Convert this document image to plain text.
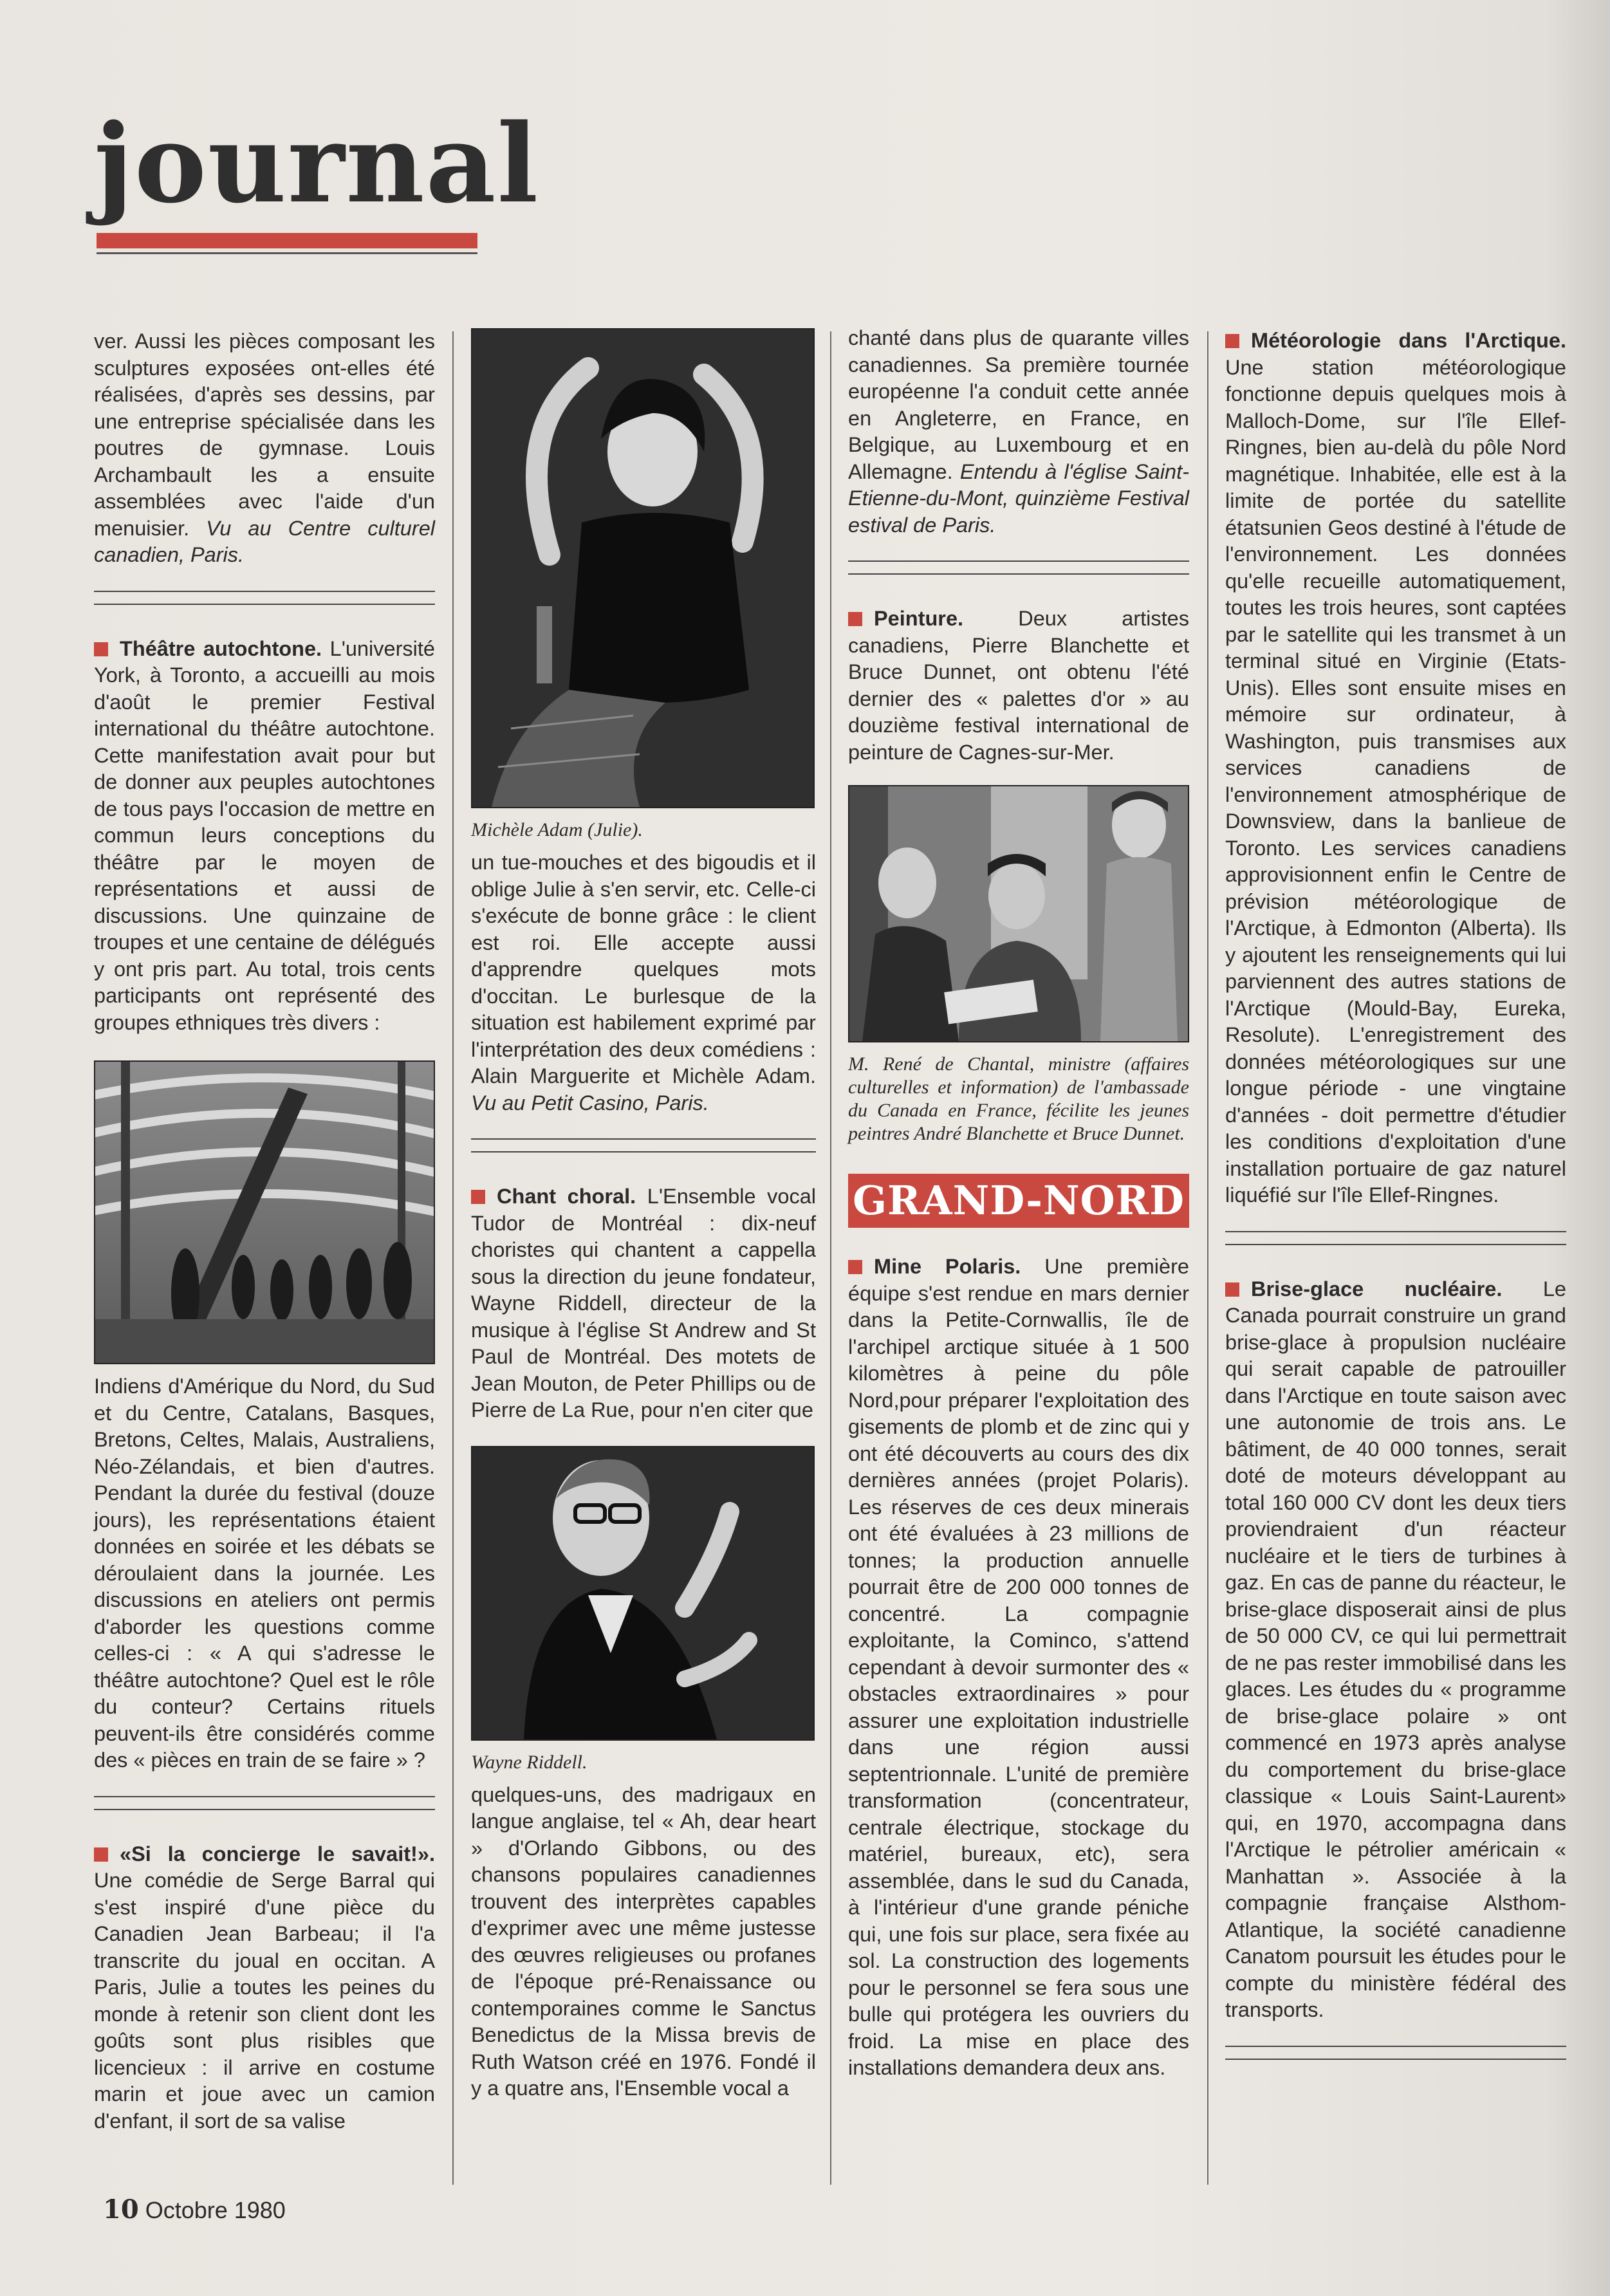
journal

ver. Aussi les pièces composant les sculptures exposées ont-elles été réalisées, d'après ses dessins, par une entreprise spécialisée dans les poutres de gymnase. Louis Archambault les a ensuite assemblées avec l'aide d'un menuisier. Vu au Centre culturel canadien, Paris.

Théâtre autochtone. L'université York, à Toronto, a accueilli au mois d'août le premier Festival international du théâtre autochtone. Cette manifestation avait pour but de donner aux peuples autochtones de tous pays l'occasion de mettre en commun leurs conceptions du théâtre par le moyen de représentations et aussi de discussions. Une quinzaine de troupes et une centaine de délégués y ont pris part. Au total, trois cents participants ont représenté des groupes ethniques très divers :

Indiens d'Amérique du Nord, du Sud et du Centre, Catalans, Basques, Bretons, Celtes, Malais, Australiens, Néo-Zélandais, et bien d'autres. Pendant la durée du festival (douze jours), les représentations étaient données en soirée et les débats se déroulaient dans la journée. Les discussions en ateliers ont permis d'aborder les questions comme celles-ci : « A qui s'adresse le théâtre autochtone? Quel est le rôle du conteur? Certains rituels peuvent-ils être considérés comme des « pièces en train de se faire » ?

«Si la concierge le savait!». Une comédie de Serge Barral qui s'est inspiré d'une pièce du Canadien Jean Barbeau; il l'a transcrite du joual en occitan. A Paris, Julie a toutes les peines du monde à retenir son client dont les goûts sont plus risibles que licencieux : il arrive en costume marin et joue avec un camion d'enfant, il sort de sa valise

Michèle Adam (Julie).

un tue-mouches et des bigoudis et il oblige Julie à s'en servir, etc. Celle-ci s'exécute de bonne grâce : le client est roi. Elle accepte aussi d'apprendre quelques mots d'occitan. Le burlesque de la situation est habilement exprimé par l'interprétation des deux comédiens : Alain Marguerite et Michèle Adam. Vu au Petit Casino, Paris.

Chant choral. L'Ensemble vocal Tudor de Montréal : dix-neuf choristes qui chantent a cappella sous la direction du jeune fondateur, Wayne Riddell, directeur de la musique à l'église St Andrew and St Paul de Montréal. Des motets de Jean Mouton, de Peter Phillips ou de Pierre de La Rue, pour n'en citer que

Wayne Riddell.

quelques-uns, des madrigaux en langue anglaise, tel « Ah, dear heart » d'Orlando Gibbons, ou des chansons populaires canadiennes trouvent des interprètes capables d'exprimer avec une même justesse des œuvres religieuses ou profanes de l'époque pré-Renaissance ou contemporaines comme le Sanctus Benedictus de la Missa brevis de Ruth Watson créé en 1976. Fondé il y a quatre ans, l'Ensemble vocal a

chanté dans plus de quarante villes canadiennes. Sa première tournée européenne l'a conduit cette année en Angleterre, en France, en Belgique, au Luxembourg et en Allemagne. Entendu à l'église Saint-Etienne-du-Mont, quinzième Festival estival de Paris.

Peinture. Deux artistes canadiens, Pierre Blanchette et Bruce Dunnet, ont obtenu l'été dernier des « palettes d'or » au douzième festival international de peinture de Cagnes-sur-Mer.

M. René de Chantal, ministre (affaires culturelles et information) de l'ambassade du Canada en France, fécilite les jeunes peintres André Blanchette et Bruce Dunnet.
GRAND-NORD

Mine Polaris. Une première équipe s'est rendue en mars dernier dans la Petite-Cornwallis, île de l'archipel arctique située à 1 500 kilomètres à peine du pôle Nord,pour préparer l'exploitation des gisements de plomb et de zinc qui y ont été découverts au cours des dix dernières années (projet Polaris). Les réserves de ces deux minerais ont été évaluées à 23 millions de tonnes; la production annuelle pourrait être de 200 000 tonnes de concentré. La compagnie exploitante, la Cominco, s'attend cependant à devoir surmonter des « obstacles extraordinaires » pour assurer une exploitation industrielle dans une région aussi septentrionnale. L'unité de première transformation (concentrateur, centrale électrique, stockage du matériel, bureaux, etc), sera assemblée, dans le sud du Canada, à l'intérieur d'une grande péniche qui, une fois sur place, sera fixée au sol. La construction des logements pour le personnel se fera sous une bulle qui protégera les ouvriers du froid. La mise en place des installations demandera deux ans.

Météorologie dans l'Arctique. Une station météorologique fonctionne depuis quelques mois à Malloch-Dome, sur l'île Ellef-Ringnes, bien au-delà du pôle Nord magnétique. Inhabitée, elle est à la limite de portée du satellite étatsunien Geos destiné à l'étude de l'environnement. Les données qu'elle recueille automatiquement, toutes les trois heures, sont captées par le satellite qui les transmet à un terminal situé en Virginie (Etats-Unis). Elles sont ensuite mises en mémoire sur ordinateur, à Washington, puis transmises aux services canadiens de l'environnement atmosphérique de Downsview, dans la banlieue de Toronto. Les services canadiens approvisionnent enfin le Centre de prévision météorologique de l'Arctique, à Edmonton (Alberta). Ils y ajoutent les renseignements qui lui parviennent des autres stations de l'Arctique (Mould-Bay, Eureka, Resolute). L'enregistrement des données météorologiques sur une longue période - une vingtaine d'années - doit permettre d'étudier les conditions d'exploitation d'une installation portuaire de gaz naturel liquéfié sur l'île Ellef-Ringnes.

Brise-glace nucléaire. Le Canada pourrait construire un grand brise-glace à propulsion nucléaire qui serait capable de patrouiller dans l'Arctique en toute saison avec une autonomie de trois ans. Le bâtiment, de 40 000 tonnes, serait doté de moteurs développant au total 160 000 CV dont les deux tiers proviendraient d'un réacteur nucléaire et le tiers de turbines à gaz. En cas de panne du réacteur, le brise-glace disposerait ainsi de plus de 50 000 CV, ce qui lui permettrait de ne pas rester immobilisé dans les glaces. Les études du « programme de brise-glace polaire » ont commencé en 1973 après analyse du comportement du brise-glace classique « Louis Saint-Laurent» qui, en 1970, accompagna dans l'Arctique le pétrolier américain « Manhattan ». Associée à la compagnie française Alsthom-Atlantique, la société canadienne Canatom poursuit les études pour le compte du ministère fédéral des transports.

10 Octobre 1980
